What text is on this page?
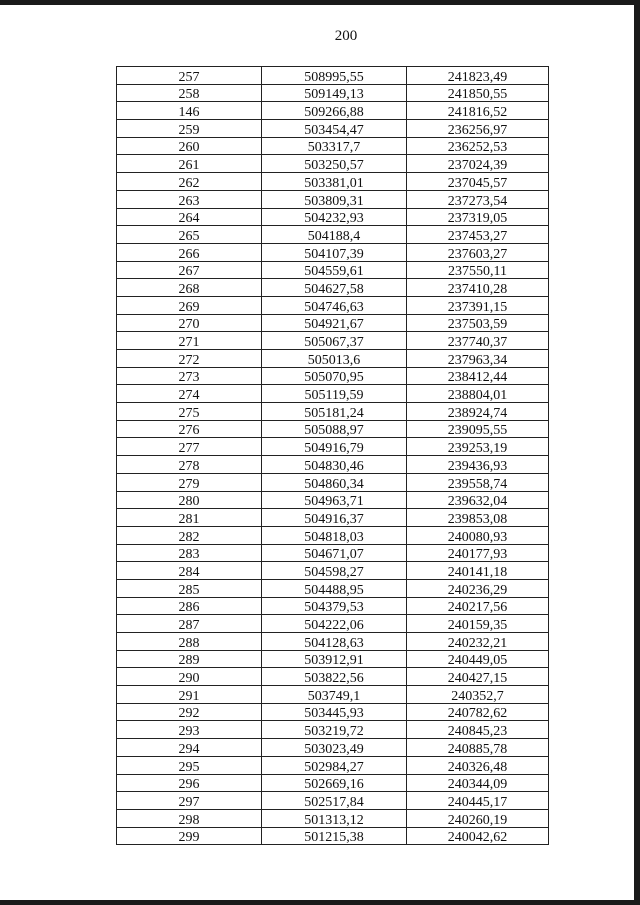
200
257	508995,55	241823,49
258	509149,13	241850,55
146	509266,88	241816,52
259	503454,47	236256,97
260	503317,7	236252,53
261	503250,57	237024,39
262	503381,01	237045,57
263	503809,31	237273,54
264	504232,93	237319,05
265	504188,4	237453,27
266	504107,39	237603,27
267	504559,61	237550,11
268	504627,58	237410,28
269	504746,63	237391,15
270	504921,67	237503,59
271	505067,37	237740,37
272	505013,6	237963,34
273	505070,95	238412,44
274	505119,59	238804,01
275	505181,24	238924,74
276	505088,97	239095,55
277	504916,79	239253,19
278	504830,46	239436,93
279	504860,34	239558,74
280	504963,71	239632,04
281	504916,37	239853,08
282	504818,03	240080,93
283	504671,07	240177,93
284	504598,27	240141,18
285	504488,95	240236,29
286	504379,53	240217,56
287	504222,06	240159,35
288	504128,63	240232,21
289	503912,91	240449,05
290	503822,56	240427,15
291	503749,1	240352,7
292	503445,93	240782,62
293	503219,72	240845,23
294	503023,49	240885,78
295	502984,27	240326,48
296	502669,16	240344,09
297	502517,84	240445,17
298	501313,12	240260,19
299	501215,38	240042,62
